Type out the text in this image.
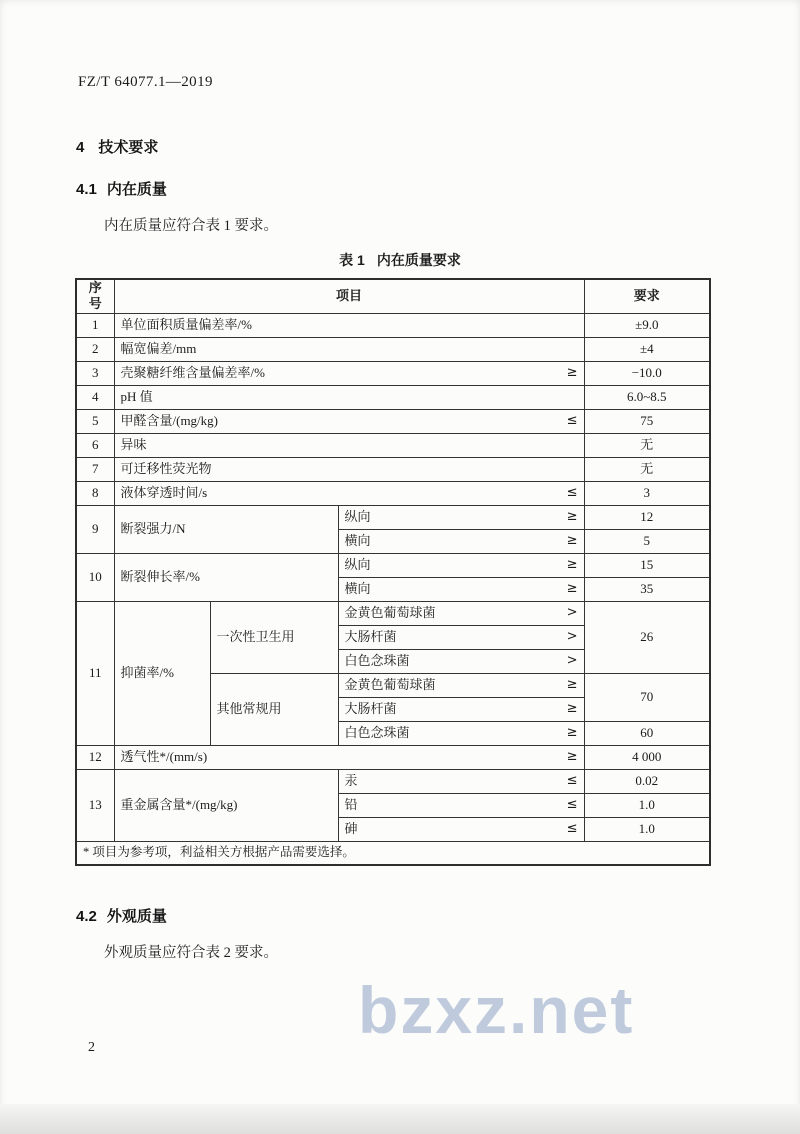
FZ/T 64077.1—2019
4 技术要求
4.1 内在质量

内在质量应符合表 1 要求。

表 1 内在质量要求
序号	项目			要求
1	单位面积质量偏差率/%			±9.0
2	幅宽偏差/mm			±4
3	壳聚糖纤维含量偏差率/% ≥			−10.0
4	pH 值			6.0~8.5
5	甲醛含量/(mg/kg) ≤			75
6	异味			无
7	可迁移性荧光物			无
8	液体穿透时间/s ≤			3
9	断裂强力/N		纵向 ≥	12

			横向 ≥	5
10	断裂伸长率/%		纵向 ≥	15

			横向 ≥	35
11	抑菌率/%	一次性卫生用	金黄色葡萄球菌 >	26

			大肠杆菌 >	

			白色念珠菌 >	

		其他常规用	金黄色葡萄球菌 ≥	70

			大肠杆菌 ≥	

			白色念珠菌 ≥	60
12	透气性*/(mm/s) ≥			4 000
13	重金属含量*/(mg/kg)		汞 ≤	0.02

			铅 ≤	1.0

			砷 ≤	1.0
* 项目为参考项，利益相关方根据产品需要选择。				
4.2 外观质量

外观质量应符合表 2 要求。

bzxz.net
2
